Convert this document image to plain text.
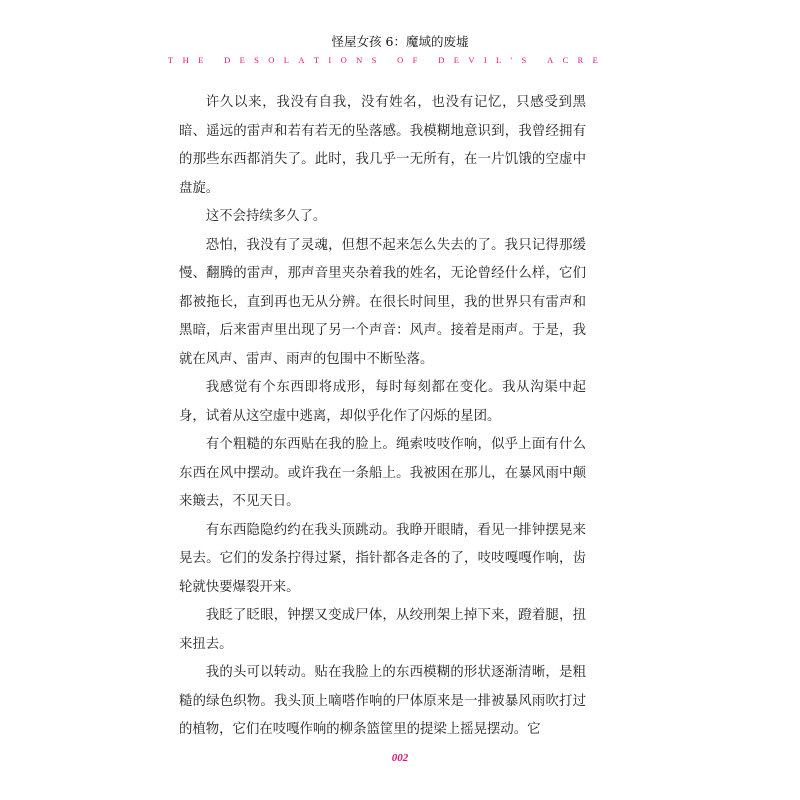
怪屋女孩 6：魔域的废墟
T H E
D E S O L A T I O N S
O F
D E V I L ' S
A C R E

许久以来，我没有自我，没有姓名，也没有记忆，只感受到黑暗、遥远的雷声和若有若无的坠落感。我模糊地意识到，我曾经拥有的那些东西都消失了。此时，我几乎一无所有，在一片饥饿的空虚中盘旋。

这不会持续多久了。

恐怕，我没有了灵魂，但想不起来怎么失去的了。我只记得那缓慢、翻腾的雷声，那声音里夹杂着我的姓名，无论曾经什么样，它们都被拖长，直到再也无从分辨。在很长时间里，我的世界只有雷声和黑暗，后来雷声里出现了另一个声音：风声。接着是雨声。于是，我就在风声、雷声、雨声的包围中不断坠落。

我感觉有个东西即将成形，每时每刻都在变化。我从沟渠中起身，试着从这空虚中逃离，却似乎化作了闪烁的星团。

有个粗糙的东西贴在我的脸上。绳索吱吱作响，似乎上面有什么东西在风中摆动。或许我在一条船上。我被困在那儿，在暴风雨中颠来簸去，不见天日。

有东西隐隐约约在我头顶跳动。我睁开眼睛，看见一排钟摆晃来晃去。它们的发条拧得过紧，指针都各走各的了，吱吱嘎嘎作响，齿轮就快要爆裂开来。

我眨了眨眼，钟摆又变成尸体，从绞刑架上掉下来，蹬着腿，扭来扭去。

我的头可以转动。贴在我脸上的东西模糊的形状逐渐清晰，是粗糙的绿色织物。我头顶上嘀嗒作响的尸体原来是一排被暴风雨吹打过的植物，它们在吱嘎作响的柳条篮筐里的提梁上摇晃摆动。它

002
